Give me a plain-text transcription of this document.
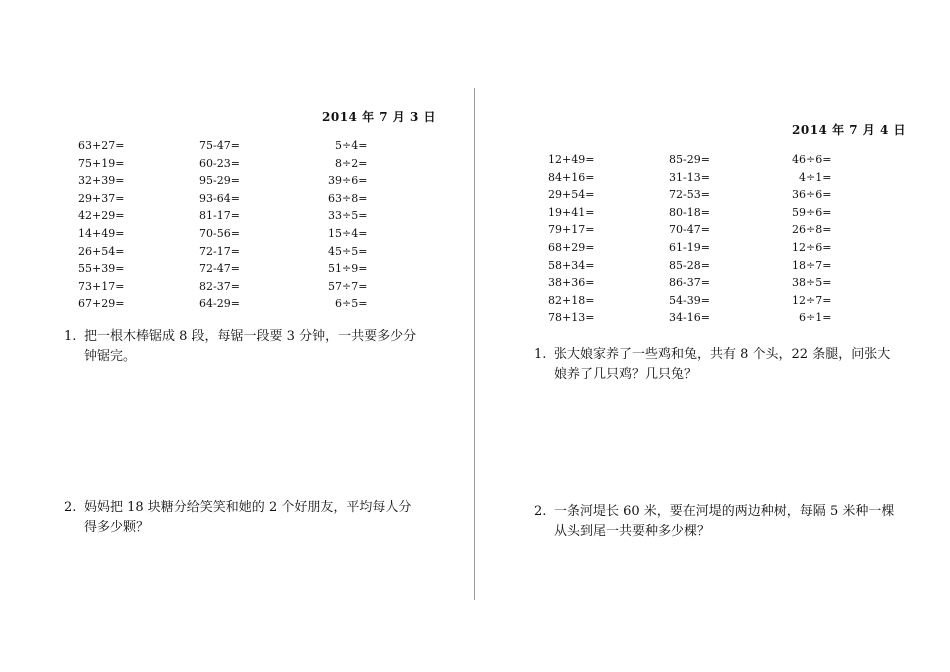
2014 年 7 月 3 日
63+27=
75+19=
32+39=
29+37=
42+29=
14+49=
26+54=
55+39=
73+17=
67+29=
75-47=
60-23=
95-29=
93-64=
81-17=
70-56=
72-17=
72-47=
82-37=
64-29=
5÷4=
8÷2=
39÷6=
63÷8=
33÷5=
15÷4=
45÷5=
51÷9=
57÷7=
6÷5=
1. 把一根木棒锯成 8 段，每锯一段要 3 分钟，一共要多少分
钟锯完。
2. 妈妈把 18 块糖分给笑笑和她的 2 个好朋友，平均每人分
得多少颗？
2014 年 7 月 4 日
12+49=
84+16=
29+54=
19+41=
79+17=
68+29=
58+34=
38+36=
82+18=
78+13=
85-29=
31-13=
72-53=
80-18=
70-47=
61-19=
85-28=
86-37=
54-39=
34-16=
46÷6=
4÷1=
36÷6=
59÷6=
26÷8=
12÷6=
18÷7=
38÷5=
12÷7=
6÷1=
1. 张大娘家养了一些鸡和兔，共有 8 个头，22 条腿，问张大
娘养了几只鸡？几只兔？
2. 一条河堤长 60 米，要在河堤的两边种树，每隔 5 米种一棵
从头到尾一共要种多少棵？
